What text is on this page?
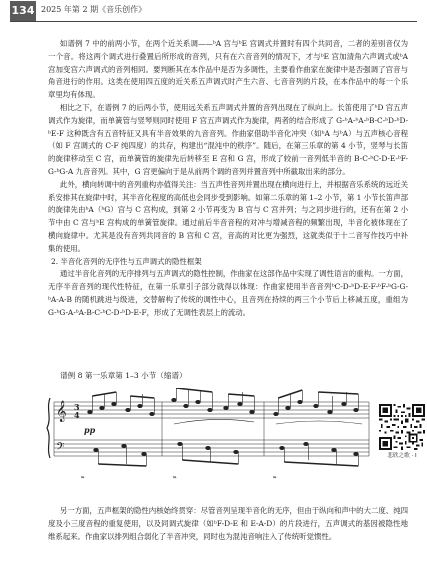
134 2025 年第 2 期《音乐创作》

如谱例 7 中的前两小节，在两个近关系调——ᵇA 宫与ᵇE 宫调式并置时有四个共同音，二者的差别音仅为一个音。将这两个调式进行叠置后所形成的音列，只有在六音音列的情况下，才与ᵇE 宫加清角六声调式或ᵇA 宫加变宫六声调式的音列相同。要判断其在本作品中是否为多调性，主要看作曲家在旋律中是否强调了宫音与角音进行的作用。这类在使用四五度的近关系五声调式时产生六音、七音音列的片段，在本作品中的每一个乐章里均有体现。

相比之下，在谱例 7 的后两小节，使用远关系五声调式并置的音列出现在了纵向上。长笛使用了ᵇD 宫五声调式作为旋律，而单簧管与竖琴则同时使用 F 宫五声调式作为旋律，两者的结合形成了 G-ᵇA-ᵇA-ᵇB-C-ᵇD-ᵇD-ᵇE-F 这种既含有五音特征又具有半音效果的九音音列。作曲家借助半音化冲突（如ᵇA 与ᵇA）与五声核心音程（如 F 宫调式的 C-F 纯四度）的共存，构建出“混沌中的秩序”。随后，在第三乐章的第 4 小节，竖琴与长笛的旋律移动至 C 宫，而单簧管的旋律先后转移至 E 宫和 G 宫，形成了较前一音列低半音的 B-C-ᵇC-D-E-ᵇF-G-ᵇG-A 九音音列。其中，G 宫更偏向于是从前两个调的音列并置音列中所截取出来的部分。

此外，横向转调中的音列重构亦值得关注：当五声性音列并置出现在横向进行上，并根据音乐系统的远近关系安排其在旋律中时，其半音化程度的高低也会同步受到影响。如第二乐章的第 1–2 小节，第 1 小节长笛声部的旋律先由ᵇA（ᵇG）宫与 C 宫构成，到第 2 小节再变为 B 宫与 C 宫并列；与之同步进行的，还有在第 2 小节中由 C 宫与ᵇE 宫构成的单簧管旋律。通过前后半音音程的对冲与增减音程的频繁出现，半音化被体现在了横向旋律中。尤其是没有音列共同音的 B 宫和 C 宫，音高的对比更为强烈，这就类似于十二音写作技巧中补集的使用。

2. 半音化音列的无序性与五声调式的隐性框架

通过半音化音列的无序排列与五声调式的隐性控制，作曲家在这部作品中实现了调性语言的重构。一方面，无序半音音列的现代性特征，在第一乐章引子部分就得以体现：作曲家使用半音音列ᵇC-D-ᵇD-E-F-ᵇF-ᵇG-G-ᵇA-A-B 的随机跳进与级进，交替解构了传统的调性中心，且音列在持续的两三个小节后上移减五度，重组为 G-ᵇG-A-ᵇA-B-C-ᵇC-D-ᵇD-E-F，形成了无调性表层上的流动。

谱例 8 第一乐章第 1–3 小节（缩谱）
𝄞
𝄢
3
4
pp
𝆮	𝆮	𝆮
悲欣之歌 · Ⅰ

另一方面，五声框架的隐性内核始终贯穿：尽管音列呈现半音化的无序，但由于纵向和声中的大二度、纯四度及小三度音程的重复使用，以及同调式旋律（如ᵇF-D-E 和 E-A-D）的片段进行，五声调式的基因被隐性地维系起来。作曲家以排列组合弱化了半音冲突，同时也为混沌音响注入了传统听觉惯性。
